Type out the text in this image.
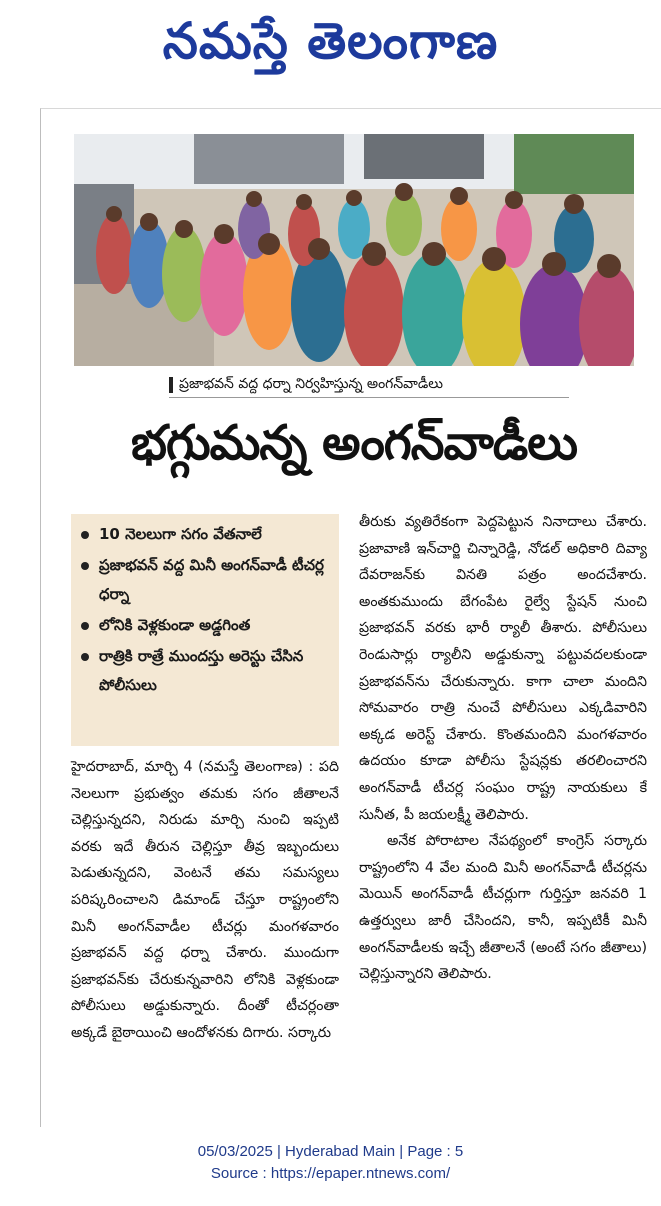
నమస్తే తెలంగాణ
ప్రజాభవన్ వద్ద ధర్నా నిర్వహిస్తున్న అంగన్‌వాడీలు
భగ్గుమన్న అంగన్‌వాడీలు
10 నెలలుగా సగం వేతనాలే
ప్రజాభవన్ వద్ద మినీ అంగన్‌వాడీ టీచర్ల ధర్నా
లోనికి వెళ్లకుండా అడ్డగింత
రాత్రికి రాత్రే ముందస్తు అరెస్టు చేసిన పోలీసులు

హైదరాబాద్, మార్చి 4 (నమస్తే తెలంగాణ) : పది నెలలుగా ప్రభుత్వం తమకు సగం జీతాలనే చెల్లిస్తున్నదని, నిరుడు మార్చి నుంచి ఇప్పటి వరకు ఇదే తీరున చెల్లిస్తూ తీవ్ర ఇబ్బందులు పెడుతున్నదని, వెంటనే తమ సమస్యలు పరిష్కరించాలని డిమాండ్ చేస్తూ రాష్ట్రంలోని మినీ అంగన్‌వాడీల టీచర్లు మంగళవారం ప్రజాభవన్ వద్ద ధర్నా చేశారు. ముందుగా ప్రజాభవన్‌కు చేరుకున్నవారిని లోనికి వెళ్లకుండా పోలీసులు అడ్డుకున్నారు. దీంతో టీచర్లంతా అక్కడే బైఠాయించి ఆందోళనకు దిగారు. సర్కారు

తీరుకు వ్యతిరేకంగా పెద్దపెట్టున నినాదాలు చేశారు. ప్రజావాణి ఇన్‌చార్జి చిన్నారెడ్డి, నోడల్ అధికారి దివ్యా దేవరాజన్‌కు వినతి పత్రం అందచేశారు. అంతకుముందు బేగంపేట రైల్వే స్టేషన్ నుంచి ప్రజాభవన్ వరకు భారీ ర్యాలీ తీశారు. పోలీసులు రెండుసార్లు ర్యాలీని అడ్డుకున్నా పట్టువదలకుండా ప్రజాభవన్‌ను చేరుకున్నారు. కాగా చాలా మందిని సోమవారం రాత్రి నుంచే పోలీసులు ఎక్కడివారిని అక్కడ అరెస్ట్ చేశారు. కొంతమందిని మంగళవారం ఉదయం కూడా పోలీసు స్టేషన్లకు తరలించారని అంగన్‌వాడీ టీచర్ల సంఘం రాష్ట్ర నాయకులు కే సునీత, పీ జయలక్ష్మీ తెలిపారు.

అనేక పోరాటాల నేపథ్యంలో కాంగ్రెస్ సర్కారు రాష్ట్రంలోని 4 వేల మంది మినీ అంగన్‌వాడీ టీచర్లను మెయిన్ అంగన్‌వాడీ టీచర్లుగా గుర్తిస్తూ జనవరి 1 ఉత్తర్వులు జారీ చేసిందని, కానీ, ఇప్పటికీ మినీ అంగన్‌వాడీలకు ఇచ్చే జీతాలనే (అంటే సగం జీతాలు) చెల్లిస్తున్నారని తెలిపారు.

05/03/2025 | Hyderabad Main | Page : 5
Source : https://epaper.ntnews.com/
